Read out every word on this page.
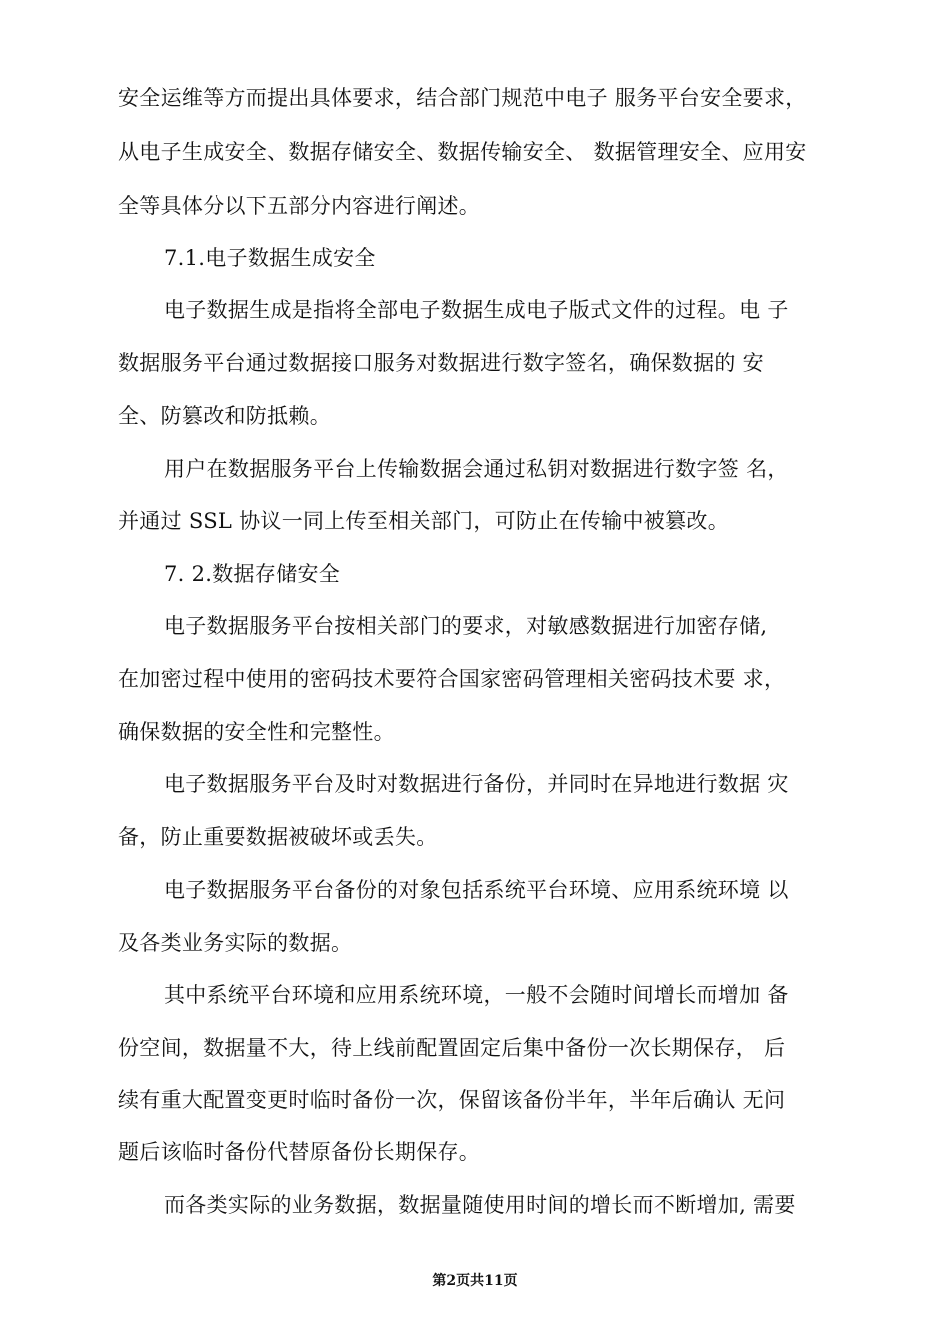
安全运维等方而提出具体要求，结合部门规范中电子 服务平台安全要求，
从电子生成安全、数据存储安全、数据传输安全、 数据管理安全、应用安
全等具体分以下五部分内容进行阐述。
7.1.电子数据生成安全
电子数据生成是指将全部电子数据生成电子版式文件的过程。电 子
数据服务平台通过数据接口服务对数据进行数字签名，确保数据的 安
全、防篡改和防抵赖。
用户在数据服务平台上传输数据会通过私钥对数据进行数字签 名，
并通过 SSL 协议一同上传至相关部门，可防止在传输中被篡改。
7. 2.数据存储安全
电子数据服务平台按相关部门的要求，对敏感数据进行加密存储,
在加密过程中使用的密码技术要符合国家密码管理相关密码技术要 求，
确保数据的安全性和完整性。
电子数据服务平台及时对数据进行备份，并同时在异地进行数据 灾
备，防止重要数据被破坏或丢失。
电子数据服务平台备份的对象包括系统平台环境、应用系统环境 以
及各类业务实际的数据。
其中系统平台环境和应用系统环境，一般不会随时间增长而增加 备
份空间，数据量不大，待上线前配置固定后集中备份一次长期保存， 后
续有重大配置变更时临时备份一次，保留该备份半年，半年后确认 无问
题后该临时备份代替原备份长期保存。
而各类实际的业务数据，数据量随使用时间的增长而不断增加, 需要
第2页共11页
